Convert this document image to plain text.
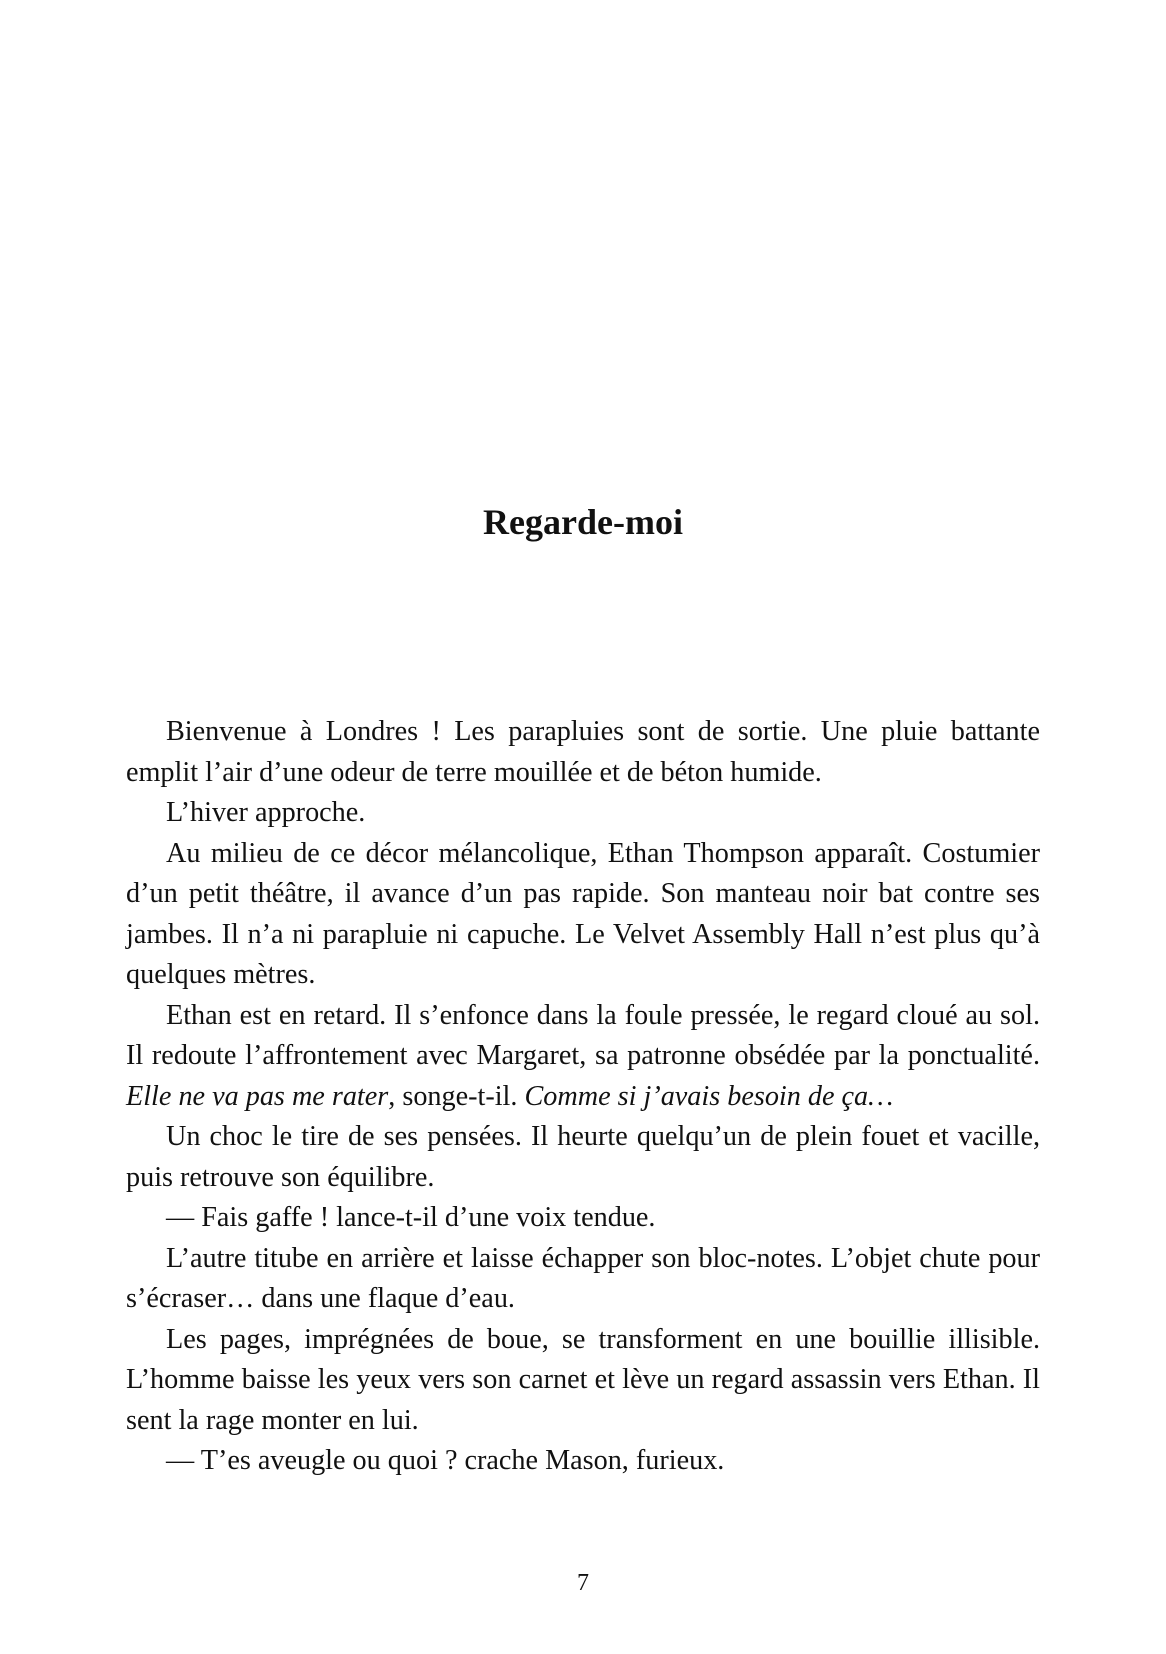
Regarde-moi

Bienvenue à Londres ! Les parapluies sont de sortie. Une pluie battante emplit l’air d’une odeur de terre mouillée et de béton humide.

L’hiver approche.

Au milieu de ce décor mélancolique, Ethan Thompson apparaît. Costumier d’un petit théâtre, il avance d’un pas rapide. Son manteau noir bat contre ses jambes. Il n’a ni parapluie ni capuche. Le Velvet Assembly Hall n’est plus qu’à quelques mètres.

Ethan est en retard. Il s’enfonce dans la foule pressée, le regard cloué au sol. Il redoute l’affrontement avec Margaret, sa patronne obsédée par la ponctualité. Elle ne va pas me rater, songe-t-il. Comme si j’avais besoin de ça…

Un choc le tire de ses pensées. Il heurte quelqu’un de plein fouet et vacille, puis retrouve son équilibre.

— Fais gaffe ! lance-t-il d’une voix tendue.

L’autre titube en arrière et laisse échapper son bloc-notes. L’objet chute pour s’écraser… dans une flaque d’eau.

Les pages, imprégnées de boue, se transforment en une bouillie illisible. L’homme baisse les yeux vers son carnet et lève un regard assassin vers Ethan. Il sent la rage monter en lui.

— T’es aveugle ou quoi ? crache Mason, furieux.

7
